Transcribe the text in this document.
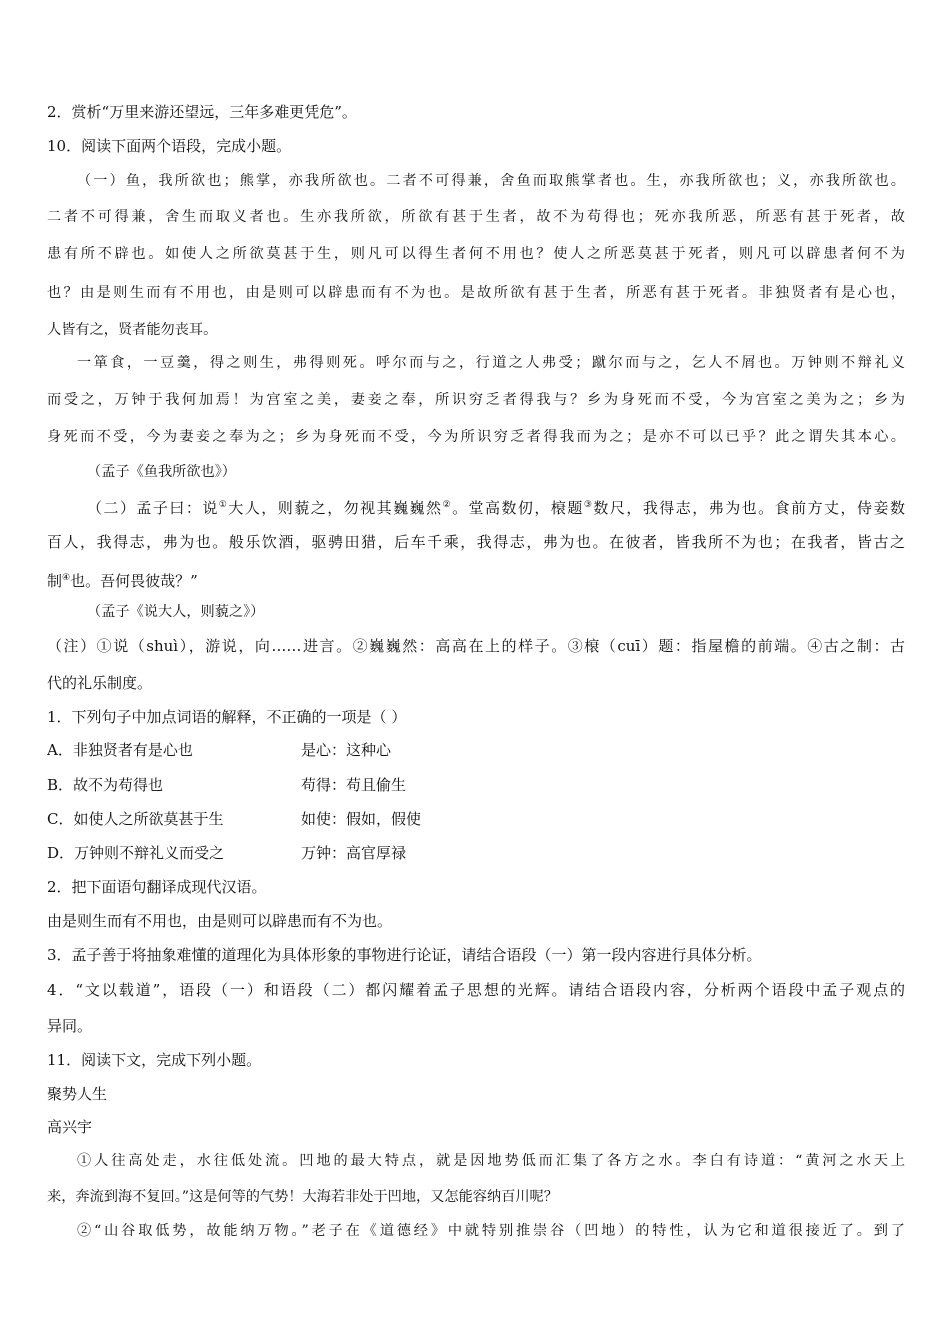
2．赏析“万里来游还望远，三年多难更凭危”。
10．阅读下面两个语段，完成小题。
（一）鱼，我所欲也；熊掌，亦我所欲也。二者不可得兼，舍鱼而取熊掌者也。生，亦我所欲也；义，亦我所欲也。
二者不可得兼，舍生而取义者也。生亦我所欲，所欲有甚于生者，故不为苟得也；死亦我所恶，所恶有甚于死者，故
患有所不辟也。如使人之所欲莫甚于生，则凡可以得生者何不用也？使人之所恶莫甚于死者，则凡可以辟患者何不为
也？由是则生而有不用也，由是则可以辟患而有不为也。是故所欲有甚于生者，所恶有甚于死者。非独贤者有是心也，
人皆有之，贤者能勿丧耳。
一箪食，一豆羹，得之则生，弗得则死。呼尔而与之，行道之人弗受；蹴尔而与之，乞人不屑也。万钟则不辩礼义
而受之，万钟于我何加焉！为宫室之美，妻妾之奉，所识穷乏者得我与？乡为身死而不受，今为宫室之美为之；乡为
身死而不受，今为妻妾之奉为之；乡为身死而不受，今为所识穷乏者得我而为之；是亦不可以已乎？此之谓失其本心。
（孟子《鱼我所欲也》）
（二）孟子曰：说①大人，则藐之，勿视其巍巍然②。堂高数仞，榱题③数尺，我得志，弗为也。食前方丈，侍妾数
百人，我得志，弗为也。般乐饮酒，驱骋田猎，后车千乘，我得志，弗为也。在彼者，皆我所不为也；在我者，皆古之
制④也。吾何畏彼哉？”
（孟子《说大人，则藐之》）
（注）①说（shuì），游说，向……进言。②巍巍然：高高在上的样子。③榱（cuī）题：指屋檐的前端。④古之制：古
代的礼乐制度。
1．下列句子中加点词语的解释，不正确的一项是（ ）
A．非独贤者有是心也	是心：这种心
B．故不为苟得也	苟得：苟且偷生
C．如使人之所欲莫甚于生	如使：假如，假使
D．万钟则不辩礼义而受之	万钟：高官厚禄
2．把下面语句翻译成现代汉语。
由是则生而有不用也，由是则可以辟患而有不为也。
3．孟子善于将抽象难懂的道理化为具体形象的事物进行论证，请结合语段（一）第一段内容进行具体分析。
4．“文以载道”，语段（一）和语段（二）都闪耀着孟子思想的光辉。请结合语段内容，分析两个语段中孟子观点的
异同。
11．阅读下文，完成下列小题。
聚势人生
高兴宇
①人往高处走，水往低处流。凹地的最大特点，就是因地势低而汇集了各方之水。李白有诗道：“黄河之水天上
来，奔流到海不复回。”这是何等的气势！大海若非处于凹地，又怎能容纳百川呢？
②“山谷取低势，故能纳万物。”老子在《道德经》中就特别推崇谷（凹地）的特性，认为它和道很接近了。到了
